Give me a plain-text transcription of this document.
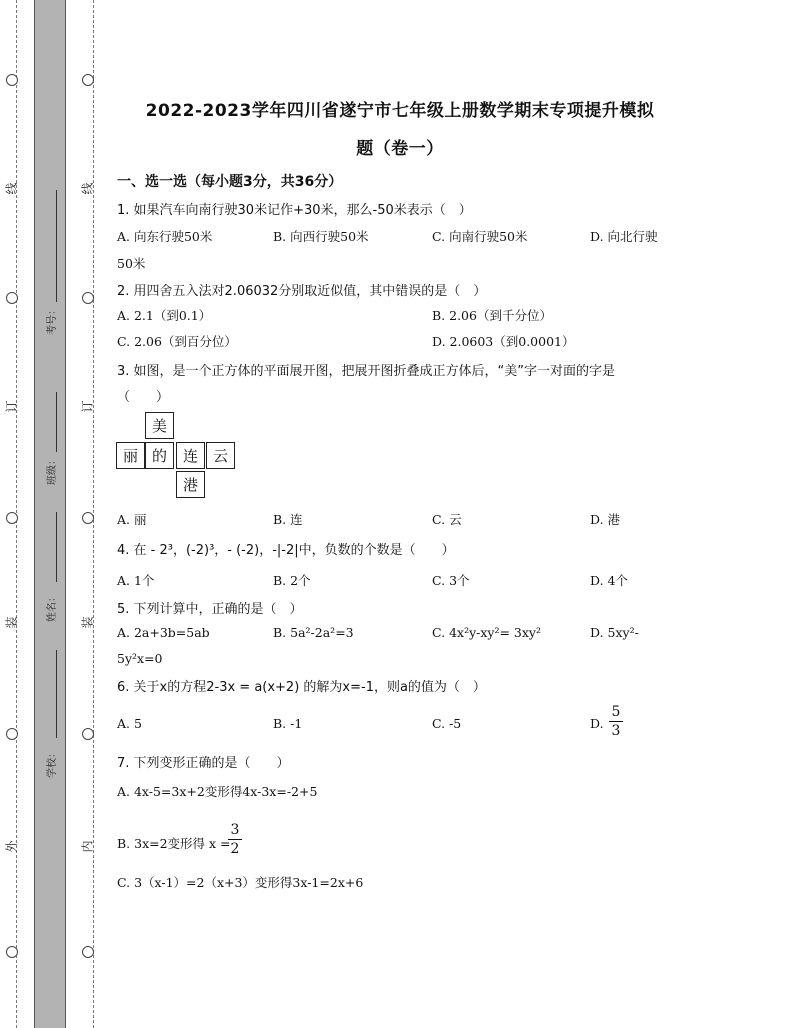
线
订
装
外
线
订
装
内
考号：
班级：
姓名：
学校：
2022-2023学年四川省遂宁市七年级上册数学期末专项提升模拟
题（卷一）
一、选一选（每小题3分，共36分）
1. 如果汽车向南行驶30米记作+30米，那么-50米表示（　）
A. 向东行驶50米	B. 向西行驶50米	C. 向南行驶50米	D. 向北行驶
50米
2. 用四舍五入法对2.06032分别取近似值，其中错误的是（　）
A. 2.1（到0.1）	B. 2.06（到千分位）
C. 2.06（到百分位）	D. 2.0603（到0.0001）
3. 如图，是一个正方体的平面展开图，把展开图折叠成正方体后，“美”字一对面的字是
（　　）
美
丽 的	连 云
港
A. 丽	B. 连	C. 云	D. 港
4. 在 - 2³，(-2)³，- (-2)，-|-2|中，负数的个数是（　　）
A. 1个	B. 2个	C. 3个	D. 4个
5. 下列计算中，正确的是（　）
A. 2a+3b=5ab	B. 5a²-2a²=3	C. 4x²y-xy²= 3xy²	D. 5xy²-
5y²x=0
6. 关于x的方程2-3x = a(x+2) 的解为x=-1，则a的值为（　）
A. 5	B. -1	C. -5	D.
5
3
7. 下列变形正确的是（　　）
A. 4x-5=3x+2变形得4x-3x=-2+5
B. 3x=2变形得 x =
3
2
C. 3（x-1）=2（x+3）变形得3x-1=2x+6
